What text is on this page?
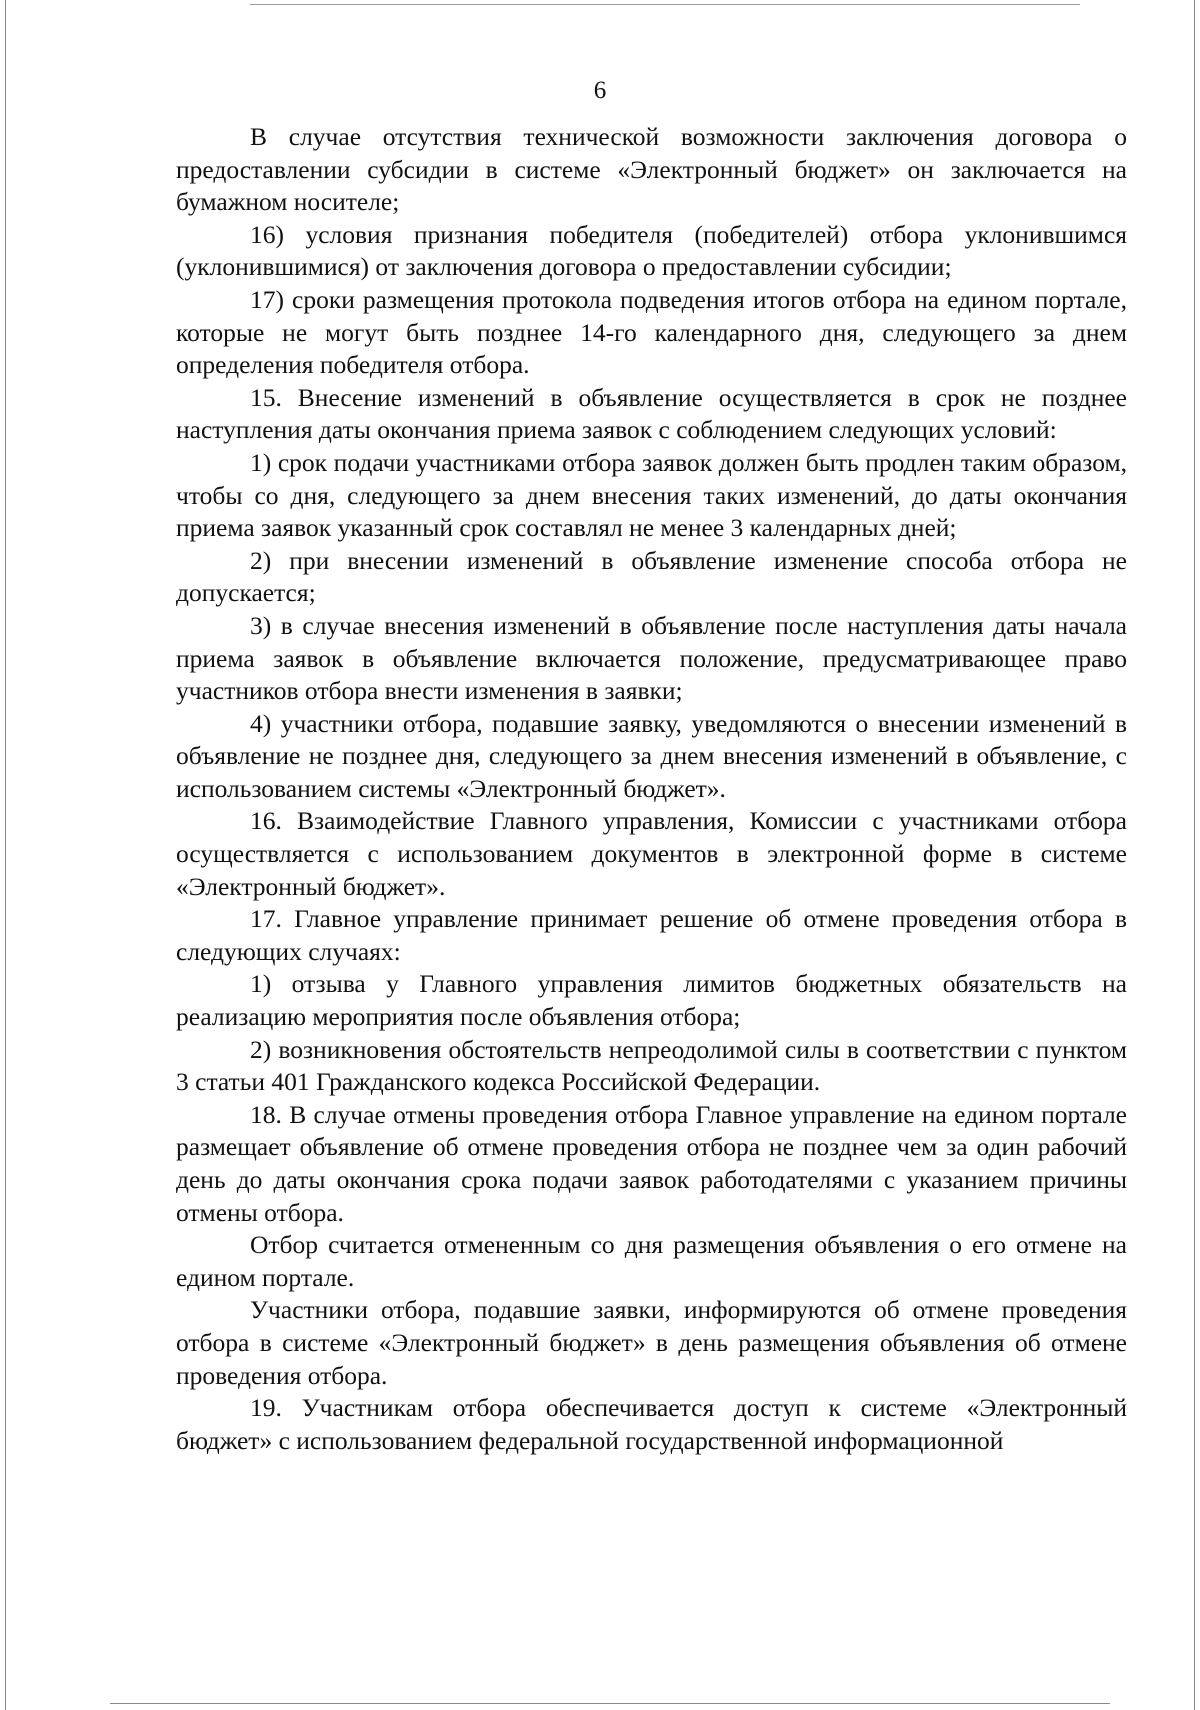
6

В случае отсутствия технической возможности заключения договора о предоставлении субсидии в системе «Электронный бюджет» он заключается на бумажном носителе;

16) условия признания победителя (победителей) отбора уклонившимся (уклонившимися) от заключения договора о предоставлении субсидии;

17) сроки размещения протокола подведения итогов отбора на едином портале, которые не могут быть позднее 14-го календарного дня, следующего за днем определения победителя отбора.

15. Внесение изменений в объявление осуществляется в срок не позднее наступления даты окончания приема заявок с соблюдением следующих условий:

1) срок подачи участниками отбора заявок должен быть продлен таким образом, чтобы со дня, следующего за днем внесения таких изменений, до даты окончания приема заявок указанный срок составлял не менее 3 календарных дней;

2) при внесении изменений в объявление изменение способа отбора не допускается;

3) в случае внесения изменений в объявление после наступления даты начала приема заявок в объявление включается положение, предусматривающее право участников отбора внести изменения в заявки;

4) участники отбора, подавшие заявку, уведомляются о внесении изменений в объявление не позднее дня, следующего за днем внесения изменений в объявление, с использованием системы «Электронный бюджет».

16. Взаимодействие Главного управления, Комиссии с участниками отбора осуществляется с использованием документов в электронной форме в системе «Электронный бюджет».

17. Главное управление принимает решение об отмене проведения отбора в следующих случаях:

1) отзыва у Главного управления лимитов бюджетных обязательств на реализацию мероприятия после объявления отбора;

2) возникновения обстоятельств непреодолимой силы в соответствии с пунктом 3 статьи 401 Гражданского кодекса Российской Федерации.

18. В случае отмены проведения отбора Главное управление на едином портале размещает объявление об отмене проведения отбора не позднее чем за один рабочий день до даты окончания срока подачи заявок работодателями с указанием причины отмены отбора.

Отбор считается отмененным со дня размещения объявления о его отмене на едином портале.

Участники отбора, подавшие заявки, информируются об отмене проведения отбора в системе «Электронный бюджет» в день размещения объявления об отмене проведения отбора.

19. Участникам отбора обеспечивается доступ к системе «Электронный бюджет» с использованием федеральной государственной информационной
